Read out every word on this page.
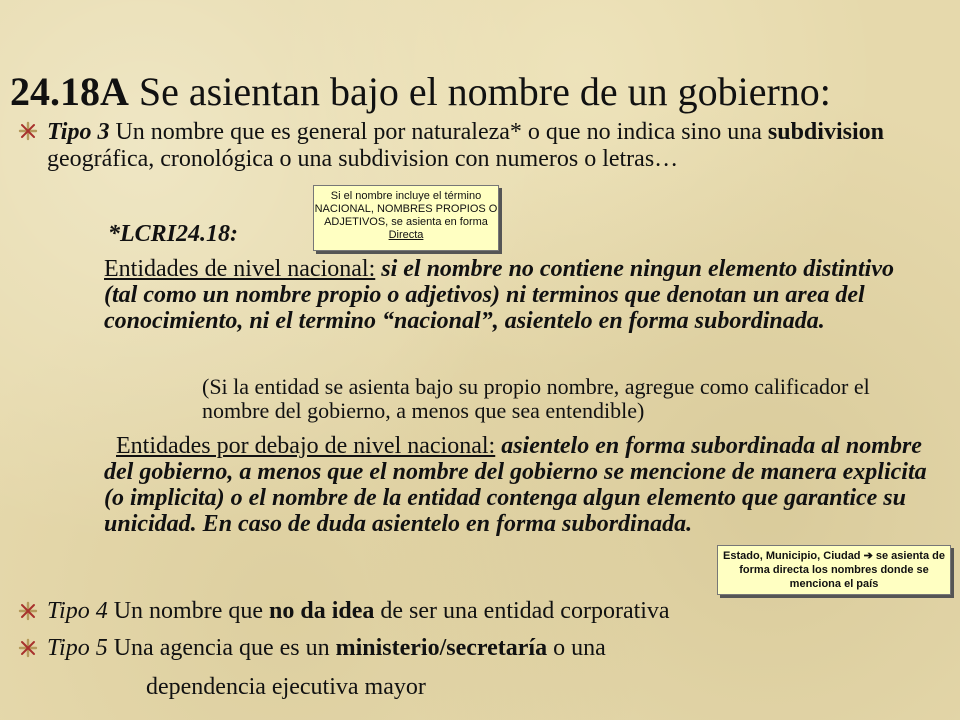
24.18A Se asientan bajo el nombre de un gobierno:
Tipo 3 Un nombre que es general por naturaleza* o que no indica sino una subdivision geográfica, cronológica o una subdivision con numeros o letras…
*LCRI24.18:
Entidades de nivel nacional: si el nombre no contiene ningun elemento distintivo (tal como un nombre propio o adjetivos) ni terminos que denotan un area del conocimiento, ni el termino “nacional”, asientelo en forma subordinada.
(Si la entidad se asienta bajo su propio nombre, agregue como calificador el nombre del gobierno, a menos que sea entendible)
Entidades por debajo de nivel nacional: asientelo en forma subordinada al nombre del gobierno, a menos que el nombre del gobierno se mencione de manera explicita (o implicita) o el nombre de la entidad contenga algun elemento que garantice su unicidad. En caso de duda asientelo en forma subordinada.
Si el nombre incluye el término NACIONAL, NOMBRES PROPIOS O ADJETIVOS, se asienta en forma Directa
Estado, Municipio, Ciudad ➔ se asienta de forma directa los nombres donde se menciona el país
Tipo 4 Un nombre que no da idea de ser una entidad corporativa
Tipo 5 Una agencia que es un ministerio/secretaría o una
dependencia ejecutiva mayor
